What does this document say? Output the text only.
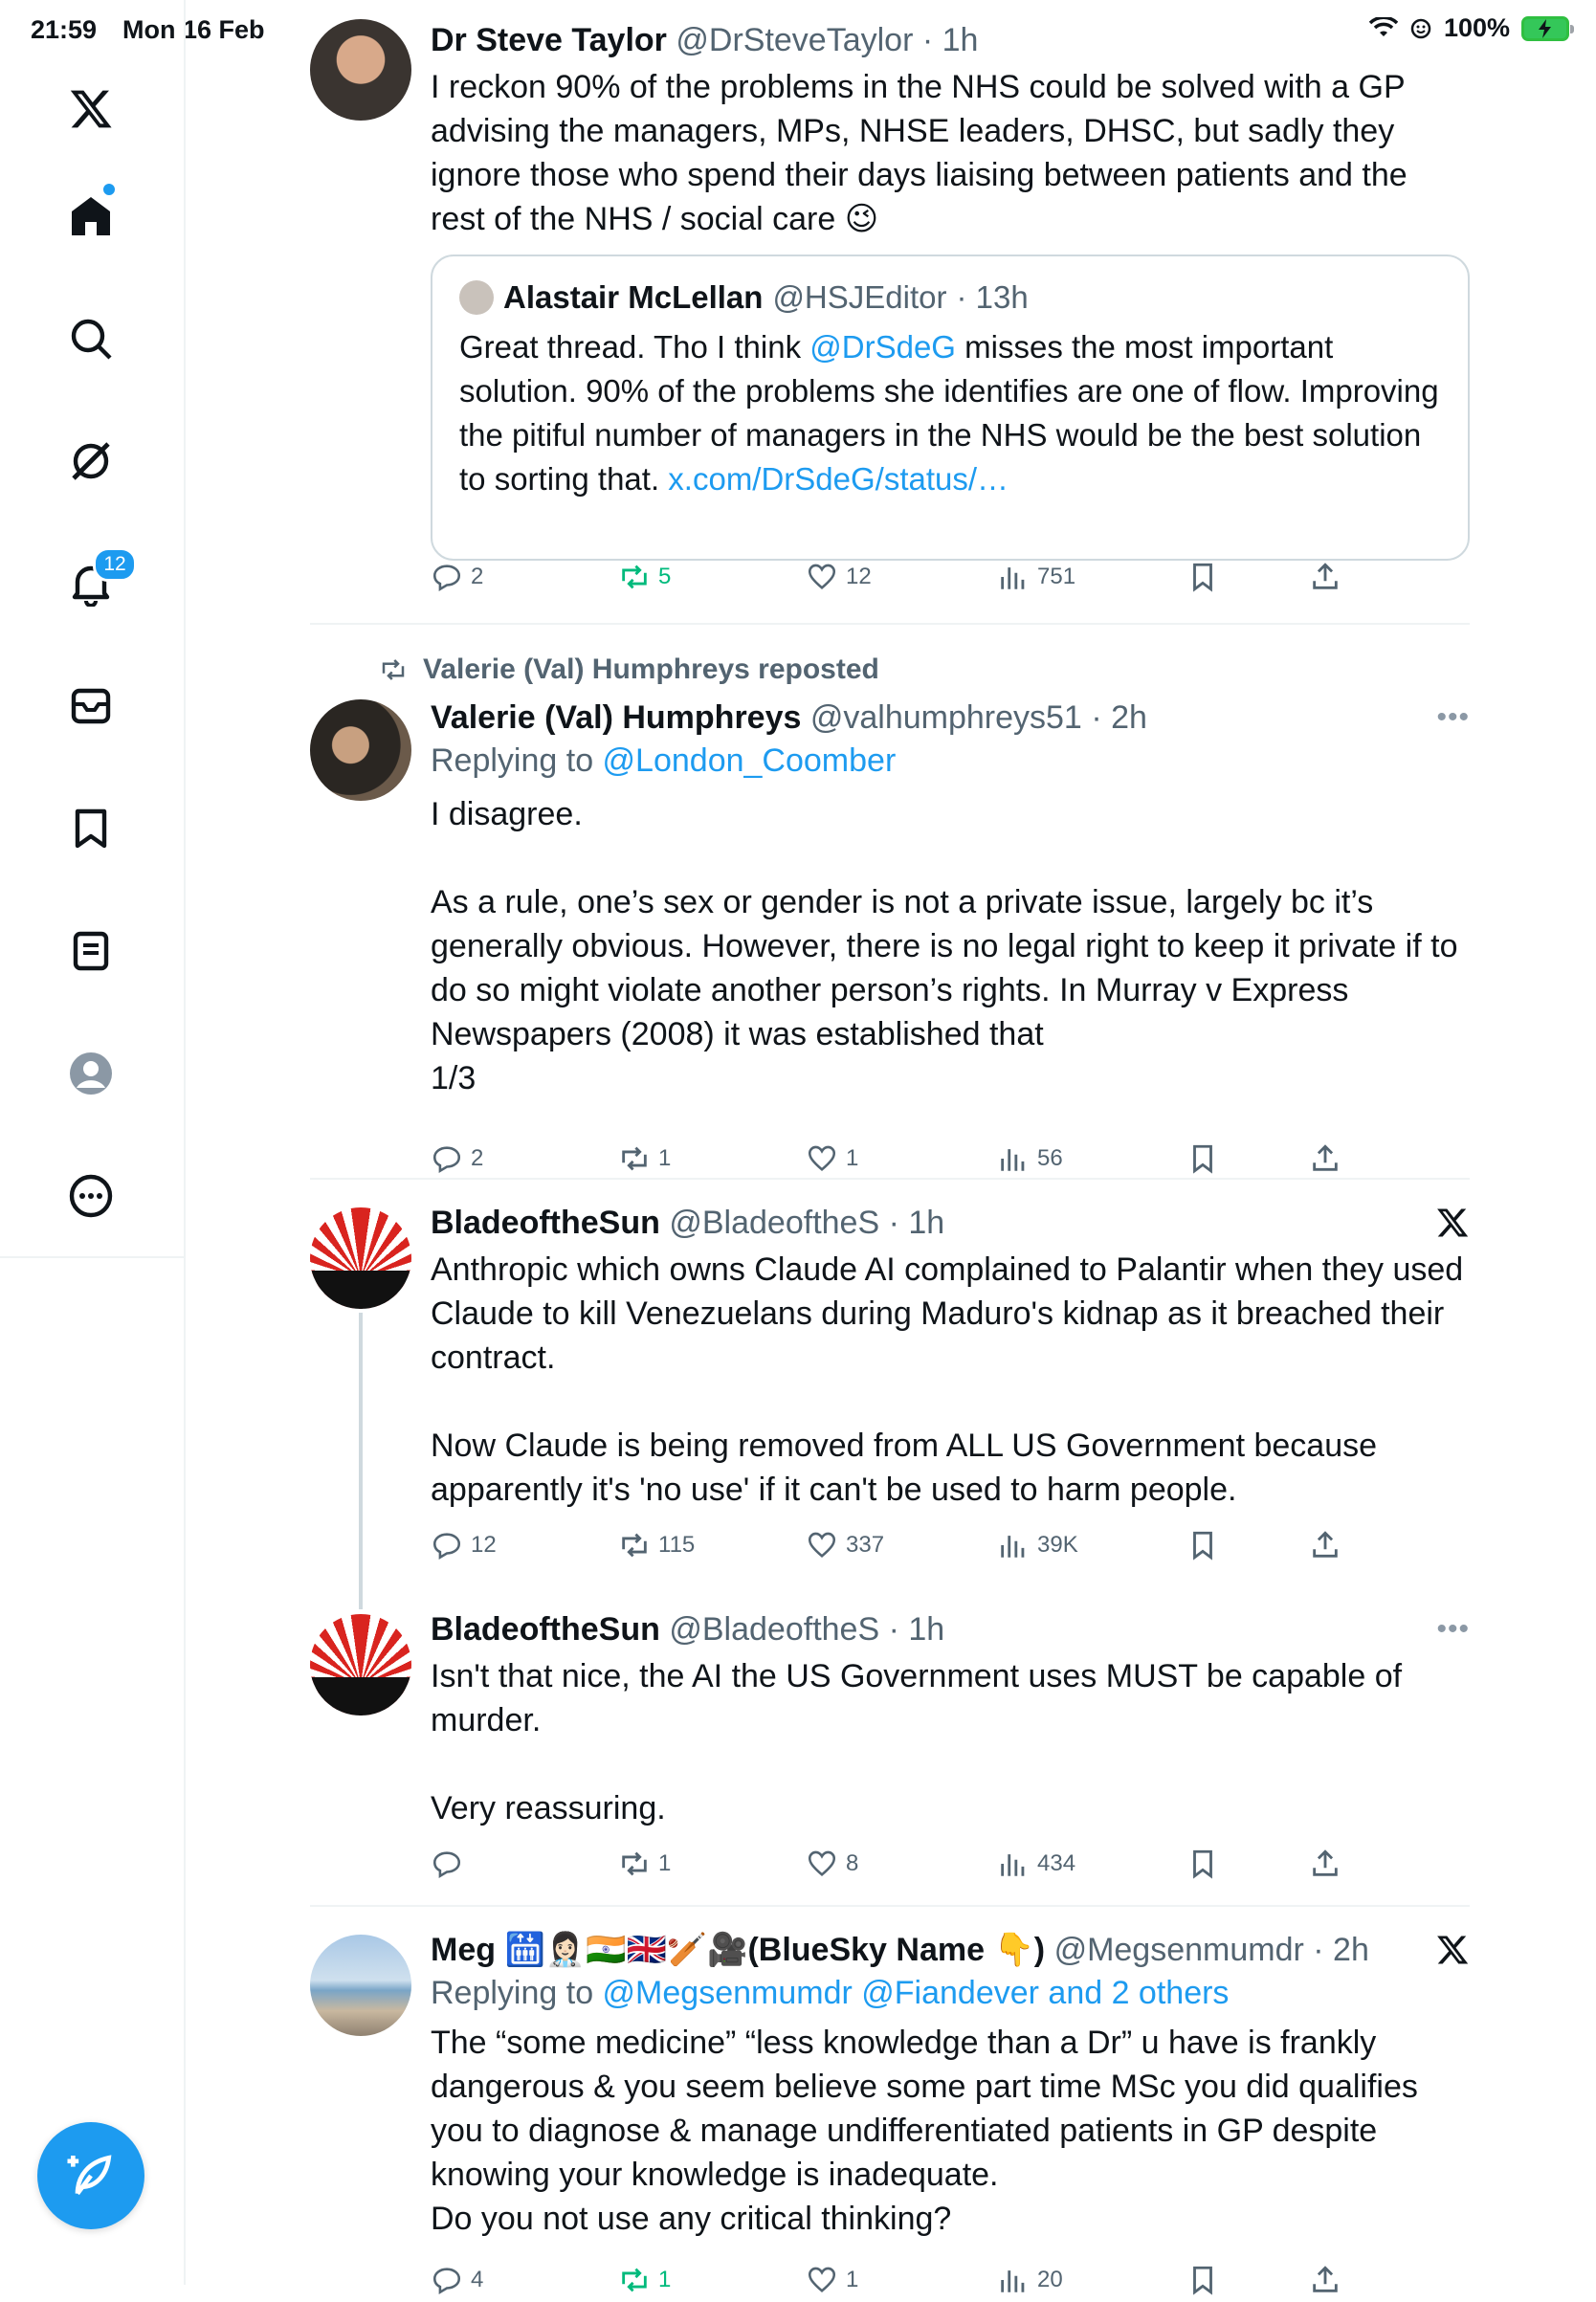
21:59 Mon 16 Feb	100%
12
Dr Steve Taylor @DrSteveTaylor · 1h
I reckon 90% of the problems in the NHS could be solved with a GP advising the managers, MPs, NHSE leaders, DHSC, but sadly they ignore those who spend their days liaising between patients and the rest of the NHS / social care 😉
Alastair McLellan @HSJEditor · 13h
Great thread. Tho I think @DrSdeG misses the most important solution. 90% of the problems she identifies are one of flow. Improving the pitiful number of managers in the NHS would be the best solution to sorting that. x.com/DrSdeG/status/…
2	5	12	751
Valerie (Val) Humphreys reposted
Valerie (Val) Humphreys @valhumphreys51 · 2h	•••
Replying to @London_Coomber
I disagree.

As a rule, one’s sex or gender is not a private issue, largely bc it’s generally obvious. However, there is no legal right to keep it private if to do so might violate another person’s rights. In Murray v Express Newspapers (2008) it was established that
1/3
2	1	1	56
BladeoftheSun @BladeoftheS · 1h
Anthropic which owns Claude AI complained to Palantir when they used Claude to kill Venezuelans during Maduro's kidnap as it breached their contract.

Now Claude is being removed from ALL US Government because apparently it's 'no use' if it can't be used to harm people.
12	115	337	39K
BladeoftheSun @BladeoftheS · 1h	•••
Isn't that nice, the AI the US Government uses MUST be capable of murder.

Very reassuring.
1	8	434
Meg 🛗👩🏻‍⚕️🇮🇳🇬🇧🏏🎥(BlueSky Name 👇) @Megsenmumdr · 2h
Replying to @Megsenmumdr @Fiandever and 2 others
The “some medicine” “less knowledge than a Dr” u have is frankly dangerous & you seem believe some part time MSc you did qualifies you to diagnose & manage undifferentiated patients in GP despite knowing your knowledge is inadequate.
Do you not use any critical thinking?
4	1	1	20
